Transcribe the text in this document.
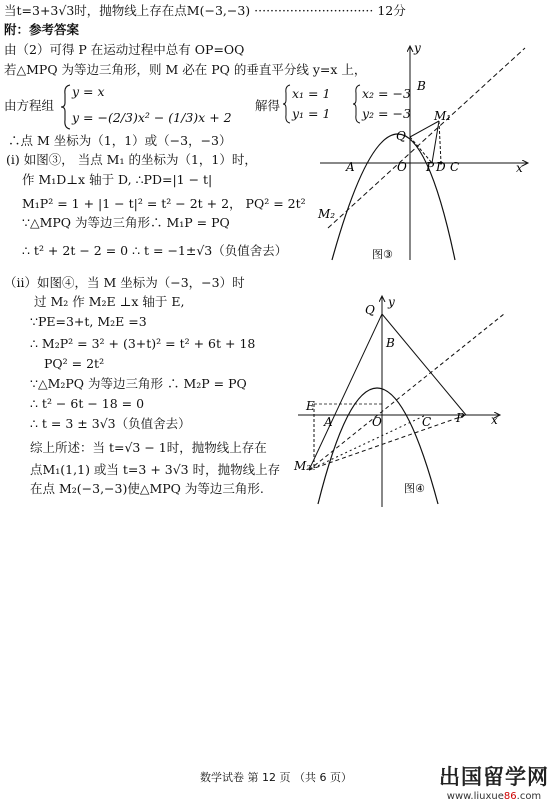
当t=3+3√3时，抛物线上存在点M(−3,−3) ······························ 12分
附：参考答案
由（2）可得 P 在运动过程中总有 OP=OQ
若△MPQ 为等边三角形，则 M 必在 PQ 的垂直平分线 y=x 上，
由方程组
y = x
y = −(2/3)x² − (1/3)x + 2
解得
x₁ = 1
y₁ = 1
x₂ = −3
y₂ = −3
∴点 M 坐标为（1，1）或（−3，−3）
(ⅰ) 如图③， 当点 M₁ 的坐标为（1，1）时，
作 M₁D⊥x 轴于 D, ∴PD=|1 − t|
M₁P² = 1 + |1 − t|² = t² − 2t + 2， PQ² = 2t²
∵△MPQ 为等边三角形∴ M₁P = PQ
∴ t² + 2t − 2 = 0 ∴ t = −1±√3（负值舍去）
（ⅱ）如图④，当 M 坐标为（−3，−3）时
过 M₂ 作 M₂E ⊥x 轴于 E,
∵PE=3+t, M₂E =3
∴ M₂P² = 3² + (3+t)² = t² + 6t + 18
PQ² = 2t²
∵△M₂PQ 为等边三角形 ∴ M₂P = PQ
∴ t² − 6t − 18 = 0
∴ t = 3 ± 3√3（负值舍去）
综上所述：当 t=√3 − 1时，抛物线上存在
点M₁(1,1) 或当 t=3 + 3√3 时，抛物线上存
在点 M₂(−3,−3)使△MPQ 为等边三角形.
y
x
B
M₁
Q
A	O P D C
M₂
图③
y
x
Q
B
E
A	O	C P
M₂
图④
数学试卷 第 12 页 （共 6 页）	出国留学网
www.liuxue86.com
